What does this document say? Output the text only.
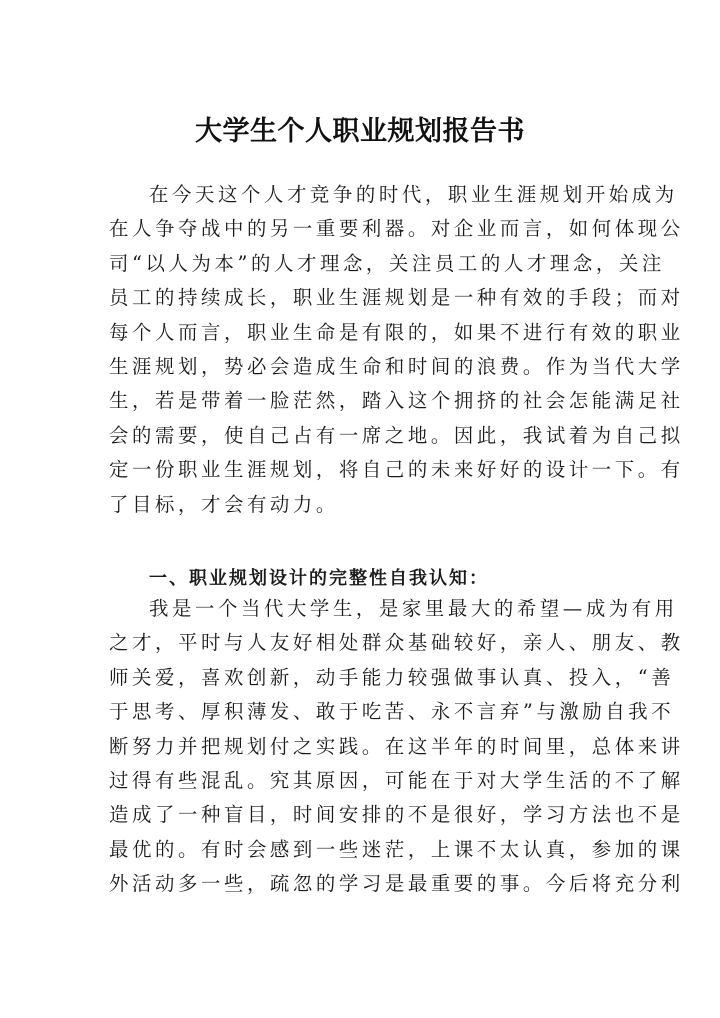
大学生个人职业规划报告书
在今天这个人才竞争的时代，职业生涯规划开始成为
在人争夺战中的另一重要利器。对企业而言，如何体现公
司“以人为本”的人才理念，关注员工的人才理念，关注
员工的持续成长，职业生涯规划是一种有效的手段；而对
每个人而言，职业生命是有限的，如果不进行有效的职业
生涯规划，势必会造成生命和时间的浪费。作为当代大学
生，若是带着一脸茫然，踏入这个拥挤的社会怎能满足社
会的需要，使自己占有一席之地。因此，我试着为自己拟
定一份职业生涯规划，将自己的未来好好的设计一下。有
了目标，才会有动力。
一、职业规划设计的完整性自我认知：
我是一个当代大学生，是家里最大的希望—成为有用
之才，平时与人友好相处群众基础较好，亲人、朋友、教
师关爱，喜欢创新，动手能力较强做事认真、投入，“善
于思考、厚积薄发、敢于吃苦、永不言弃”与激励自我不
断努力并把规划付之实践。在这半年的时间里，总体来讲
过得有些混乱。究其原因，可能在于对大学生活的不了解
造成了一种盲目，时间安排的不是很好，学习方法也不是
最优的。有时会感到一些迷茫，上课不太认真，参加的课
外活动多一些，疏忽的学习是最重要的事。今后将充分利
